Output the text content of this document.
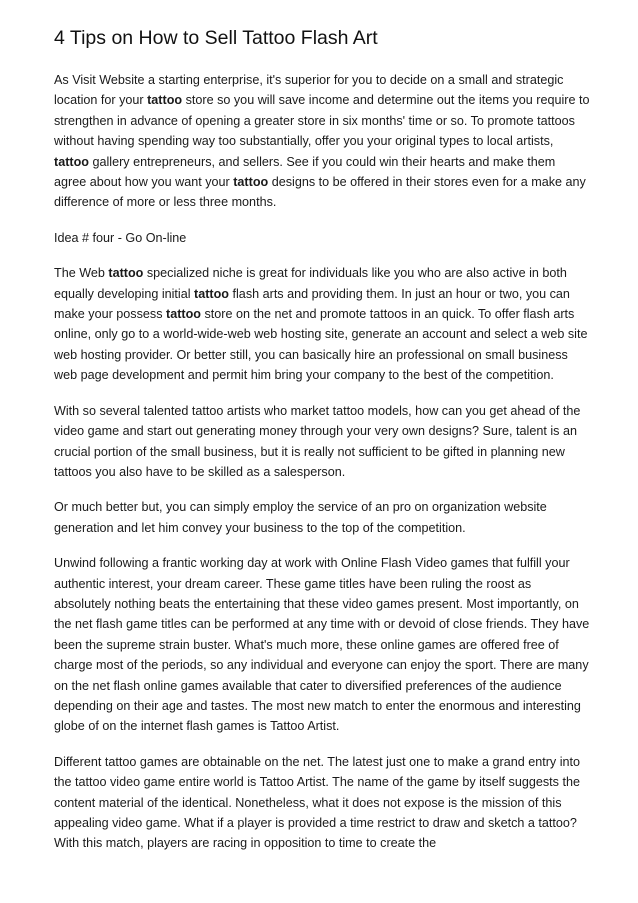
4 Tips on How to Sell Tattoo Flash Art

As Visit Website a starting enterprise, it's superior for you to decide on a small and strategic location for your tattoo store so you will save income and determine out the items you require to strengthen in advance of opening a greater store in six months' time or so. To promote tattoos without having spending way too substantially, offer you your original types to local artists, tattoo gallery entrepreneurs, and sellers. See if you could win their hearts and make them agree about how you want your tattoo designs to be offered in their stores even for a make any difference of more or less three months.

Idea # four - Go On-line

The Web tattoo specialized niche is great for individuals like you who are also active in both equally developing initial tattoo flash arts and providing them. In just an hour or two, you can make your possess tattoo store on the net and promote tattoos in an quick. To offer flash arts online, only go to a world-wide-web web hosting site, generate an account and select a web site web hosting provider. Or better still, you can basically hire an professional on small business web page development and permit him bring your company to the best of the competition.

With so several talented tattoo artists who market tattoo models, how can you get ahead of the video game and start out generating money through your very own designs? Sure, talent is an crucial portion of the small business, but it is really not sufficient to be gifted in planning new tattoos you also have to be skilled as a salesperson.

Or much better but, you can simply employ the service of an pro on organization website generation and let him convey your business to the top of the competition.

Unwind following a frantic working day at work with Online Flash Video games that fulfill your authentic interest, your dream career. These game titles have been ruling the roost as absolutely nothing beats the entertaining that these video games present. Most importantly, on the net flash game titles can be performed at any time with or devoid of close friends. They have been the supreme strain buster. What's much more, these online games are offered free of charge most of the periods, so any individual and everyone can enjoy the sport. There are many on the net flash online games available that cater to diversified preferences of the audience depending on their age and tastes. The most new match to enter the enormous and interesting globe of on the internet flash games is Tattoo Artist.

Different tattoo games are obtainable on the net. The latest just one to make a grand entry into the tattoo video game entire world is Tattoo Artist. The name of the game by itself suggests the content material of the identical. Nonetheless, what it does not expose is the mission of this appealing video game. What if a player is provided a time restrict to draw and sketch a tattoo? With this match, players are racing in opposition to time to create the
